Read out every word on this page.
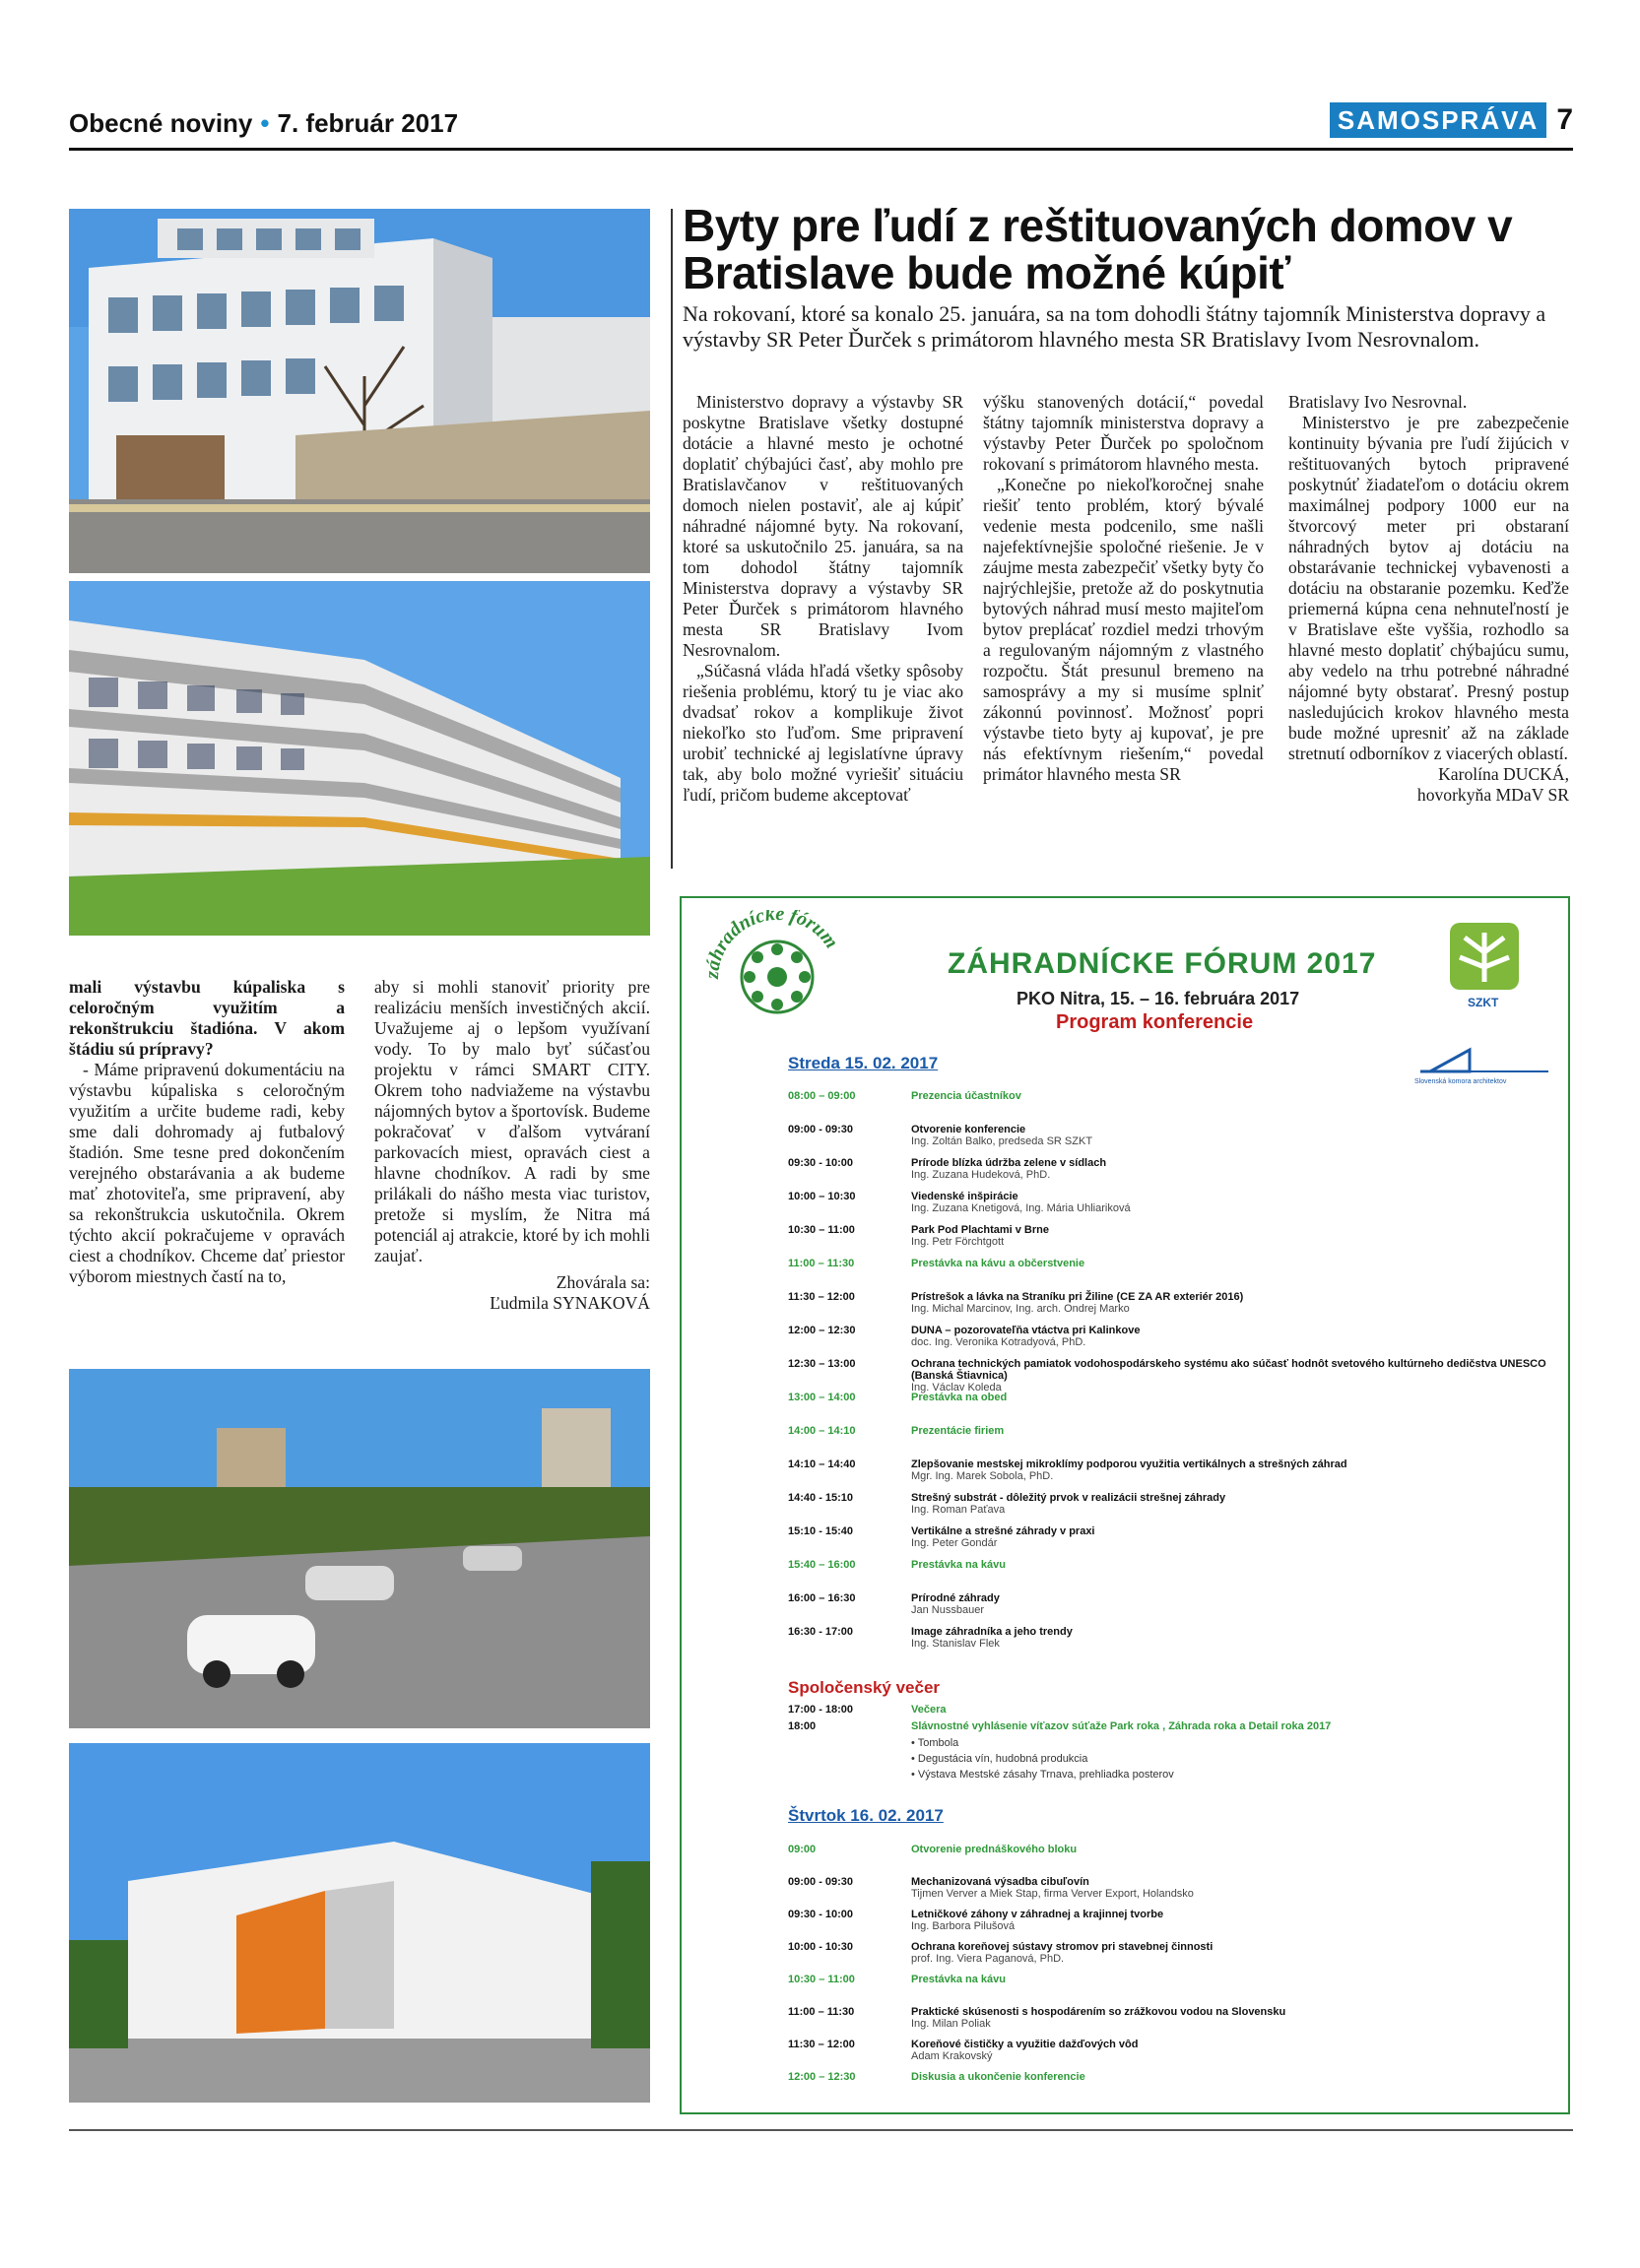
Obecné noviny • 7. február 2017	SAMOSPRÁVA 7
Byty pre ľudí z reštituovaných domov v Bratislave bude možné kúpiť
Na rokovaní, ktoré sa konalo 25. januára, sa na tom dohodli štátny tajomník Ministerstva dopravy a výstavby SR Peter Ďurček s primátorom hlavného mesta SR Bratislavy Ivom Nesrovnalom.

Ministerstvo dopravy a výstavby SR poskytne Bratislave všetky dostupné dotácie a hlavné mesto je ochotné doplatiť chýbajúci časť, aby mohlo pre Bratislavčanov v reštituovaných domoch nielen postaviť, ale aj kúpiť náhradné nájomné byty. Na rokovaní, ktoré sa uskutočnilo 25. januára, sa na tom dohodol štátny tajomník Ministerstva dopravy a výstavby SR Peter Ďurček s primátorom hlavného mesta SR Bratislavy Ivom Nesrovnalom.

„Súčasná vláda hľadá všetky spôsoby riešenia problému, ktorý tu je viac ako dvadsať rokov a komplikuje život niekoľko sto ľuďom. Sme pripravení urobiť technické aj legislatívne úpravy tak, aby bolo možné vyriešiť situáciu ľudí, pričom budeme akceptovať

výšku stanovených dotácií,“ povedal štátny tajomník ministerstva dopravy a výstavby Peter Ďurček po spoločnom rokovaní s primátorom hlavného mesta.

„Konečne po niekoľkoročnej snahe riešiť tento problém, ktorý bývalé vedenie mesta podcenilo, sme našli najefektívnejšie spoločné riešenie. Je v záujme mesta zabezpečiť všetky byty čo najrýchlejšie, pretože až do poskytnutia bytových náhrad musí mesto majiteľom bytov preplácať rozdiel medzi trhovým a regulovaným nájomným z vlastného rozpočtu. Štát presunul bremeno na samosprávy a my si musíme splniť zákonnú povinnosť. Možnosť popri výstavbe tieto byty aj kupovať, je pre nás efektívnym riešením,“ povedal primátor hlavného mesta SR

Bratislavy Ivo Nesrovnal.

Ministerstvo je pre zabezpečenie kontinuity bývania pre ľudí žijúcich v reštituovaných bytoch pripravené poskytnúť žiadateľom o dotáciu okrem maximálnej podpory 1000 eur na štvorcový meter pri obstaraní náhradných bytov aj dotáciu na obstarávanie technickej vybavenosti a dotáciu na obstaranie pozemku. Keďže priemerná kúpna cena nehnuteľností je v Bratislave ešte vyššia, rozhodlo sa hlavné mesto doplatiť chýbajúcu sumu, aby vedelo na trhu potrebné náhradné nájomné byty obstarať. Presný postup nasledujúcich krokov hlavného mesta bude možné upresniť až na základe stretnutí odborníkov z viacerých oblastí.

Karolína DUCKÁ,

hovorkyňa MDaV SR

mali výstavbu kúpaliska s celoročným využitím a rekonštrukciu štadióna. V akom štádiu sú prípravy?

- Máme pripravenú dokumentáciu na výstavbu kúpaliska s celoročným využitím a určite budeme radi, keby sme dali dohromady aj futbalový štadión. Sme tesne pred dokončením verejného obstarávania a ak budeme mať zhotoviteľa, sme pripravení, aby sa rekonštrukcia uskutočnila. Okrem týchto akcií pokračujeme v opravách ciest a chodníkov. Chceme dať priestor výborom miestnych častí na to,

aby si mohli stanoviť priority pre realizáciu menších investičných akcií. Uvažujeme aj o lepšom využívaní vody. To by malo byť súčasťou projektu v rámci SMART CITY. Okrem toho nadviažeme na výstavbu nájomných bytov a športovísk. Budeme pokračovať v ďalšom vytváraní parkovacích miest, opravách ciest a hlavne chodníkov. A radi by sme prilákali do nášho mesta viac turistov, pretože si myslím, že Nitra má potenciál aj atrakcie, ktoré by ich mohli zaujať.

Zhovárala sa:

Ľudmila SYNAKOVÁ

záhradnícke fórum
ZÁHRADNÍCKE FÓRUM 2017
PKO Nitra, 15. – 16. februára 2017
Program konferencie
SZKT
Slovenská komora architektov
Streda 15. 02. 2017
08:00 – 09:00	Prezencia účastníkov
09:00 - 09:30	Otvorenie konferencie
Ing. Zoltán Balko, predseda SR SZKT
09:30 - 10:00	Prírode blízka údržba zelene v sídlach
Ing. Zuzana Hudeková, PhD.
10:00 – 10:30	Viedenské inšpirácie
Ing. Zuzana Knetigová, Ing. Mária Uhliariková
10:30 – 11:00	Park Pod Plachtami v Brne
Ing. Petr Förchtgott
11:00 – 11:30	Prestávka na kávu a občerstvenie
11:30 – 12:00	Prístrešok a lávka na Straníku pri Žiline (CE ZA AR exteriér 2016)
Ing. Michal Marcinov, Ing. arch. Ondrej Marko
12:00 – 12:30	DUNA – pozorovateľňa vtáctva pri Kalinkove
doc. Ing. Veronika Kotradyová, PhD.
12:30 – 13:00	Ochrana technických pamiatok vodohospodárskeho systému ako súčasť hodnôt svetového kultúrneho dedičstva UNESCO (Banská Štiavnica)
Ing. Václav Koleda
13:00 – 14:00	Prestávka na obed
14:00 – 14:10	Prezentácie firiem
14:10 – 14:40	Zlepšovanie mestskej mikroklímy podporou využitia vertikálnych a strešných záhrad
Mgr. Ing. Marek Sobola, PhD.
14:40 - 15:10	Strešný substrát - dôležitý prvok v realizácii strešnej záhrady
Ing. Roman Paťava
15:10 - 15:40	Vertikálne a strešné záhrady v praxi
Ing. Peter Gondár
15:40 – 16:00	Prestávka na kávu
16:00 – 16:30	Prírodné záhrady
Jan Nussbauer
16:30 - 17:00	Image záhradníka a jeho trendy
Ing. Stanislav Flek
Spoločenský večer
17:00 - 18:00	Večera
18:00	Slávnostné vyhlásenie víťazov súťaže Park roka , Záhrada roka a Detail roka 2017
• Tombola
• Degustácia vín, hudobná produkcia
• Výstava Mestské zásahy Trnava, prehliadka posterov
Štvrtok 16. 02. 2017
09:00	Otvorenie prednáškového bloku
09:00 - 09:30	Mechanizovaná výsadba cibuľovín
Tijmen Verver a Miek Stap, firma Verver Export, Holandsko
09:30 - 10:00	Letničkové záhony v záhradnej a krajinnej tvorbe
Ing. Barbora Pilušová
10:00 - 10:30	Ochrana koreňovej sústavy stromov pri stavebnej činnosti
prof. Ing. Viera Paganová, PhD.
10:30 – 11:00	Prestávka na kávu
11:00 – 11:30	Praktické skúsenosti s hospodárením so zrážkovou vodou na Slovensku
Ing. Milan Poliak
11:30 – 12:00	Koreňové čističky a využitie dažďových vôd
Adam Krakovský
12:00 – 12:30	Diskusia a ukončenie konferencie
